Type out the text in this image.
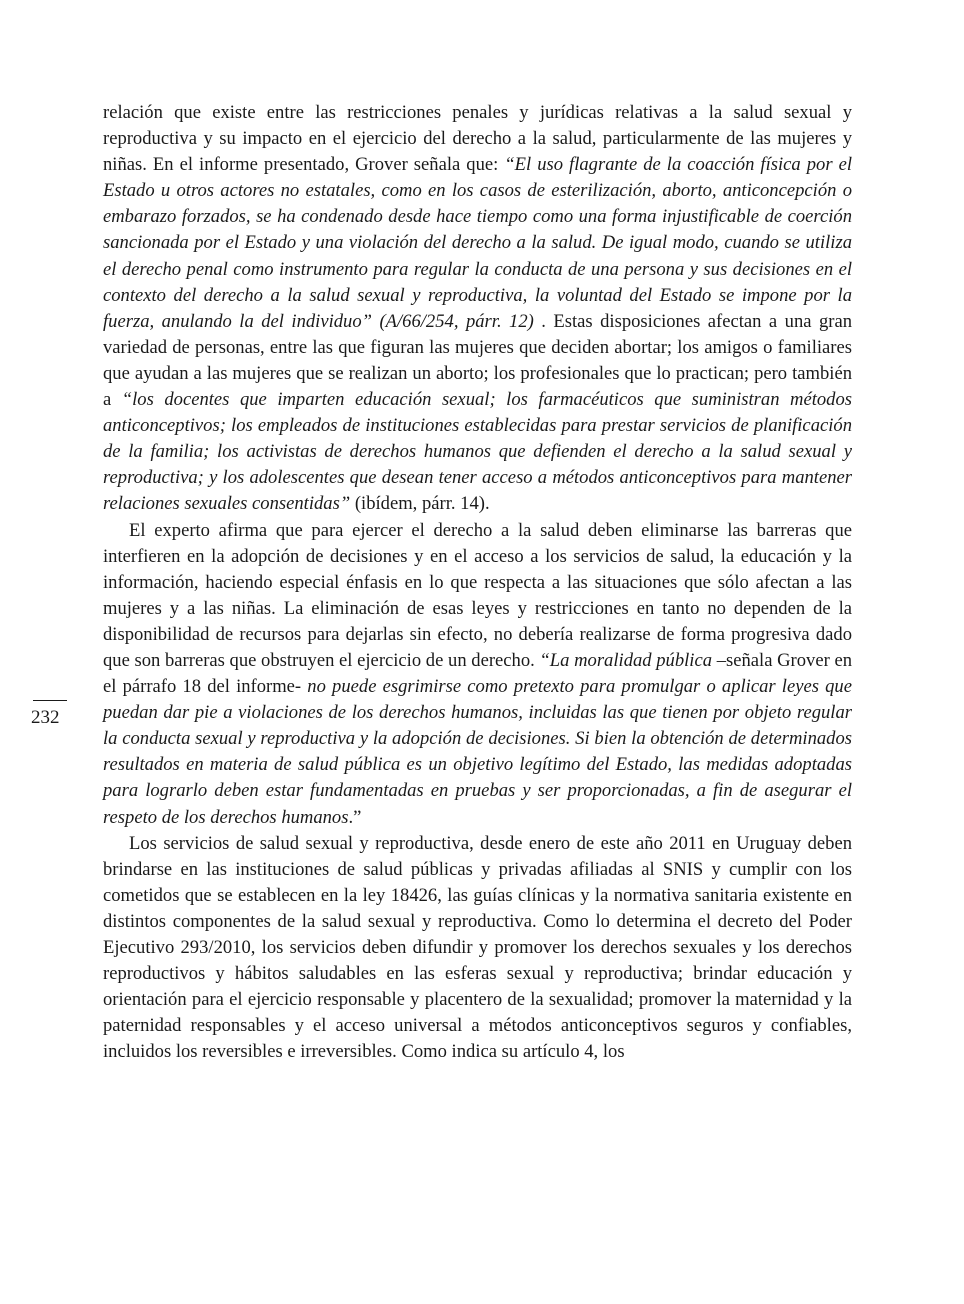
relación que existe entre las restricciones penales y jurídicas relativas a la salud sexual y reproductiva y su impacto en el ejercicio del derecho a la salud, particularmente de las mujeres y niñas. En el informe presentado, Grover señala que: “El uso flagrante de la coacción física por el Estado u otros actores no estatales, como en los casos de esterilización, aborto, anticoncepción o embarazo forzados, se ha condenado desde hace tiempo como una forma injustificable de coerción sancionada por el Estado y una violación del derecho a la salud. De igual modo, cuando se utiliza el derecho penal como instrumento para regular la conducta de una persona y sus decisiones en el contexto del derecho a la salud sexual y reproductiva, la voluntad del Estado se impone por la fuerza, anulando la del individuo” (A/66/254, párr. 12) . Estas disposiciones afectan a una gran variedad de personas, entre las que figuran las mujeres que deciden abortar; los amigos o familiares que ayudan a las mujeres que se realizan un aborto; los profesionales que lo practican; pero también a “los docentes que imparten educación sexual; los farmacéuticos que suministran métodos anticonceptivos; los empleados de instituciones establecidas para prestar servicios de planificación de la familia; los activistas de derechos humanos que defienden el derecho a la salud sexual y reproductiva; y los adolescentes que desean tener acceso a métodos anticonceptivos para mantener relaciones sexuales consentidas” (ibídem, párr. 14).

El experto afirma que para ejercer el derecho a la salud deben eliminarse las barreras que interfieren en la adopción de decisiones y en el acceso a los servicios de salud, la educación y la información, haciendo especial énfasis en lo que respecta a las situaciones que sólo afectan a las mujeres y a las niñas. La eliminación de esas leyes y restricciones en tanto no dependen de la disponibilidad de recursos para dejarlas sin efecto, no debería realizarse de forma progresiva dado que son barreras que obstruyen el ejercicio de un derecho. “La moralidad pública –señala Grover en el párrafo 18 del informe- no puede esgrimirse como pretexto para promulgar o aplicar leyes que puedan dar pie a violaciones de los derechos humanos, incluidas las que tienen por objeto regular la conducta sexual y reproductiva y la adopción de decisiones. Si bien la obtención de determinados resultados en materia de salud pública es un objetivo legítimo del Estado, las medidas adoptadas para lograrlo deben estar fundamentadas en pruebas y ser proporcionadas, a fin de asegurar el respeto de los derechos humanos.”

Los servicios de salud sexual y reproductiva, desde enero de este año 2011 en Uruguay deben brindarse en las instituciones de salud públicas y privadas afiliadas al SNIS y cumplir con los cometidos que se establecen en la ley 18426, las guías clínicas y la normativa sanitaria existente en distintos componentes de la salud sexual y reproductiva. Como lo determina el decreto del Poder Ejecutivo 293/2010, los servicios deben difundir y promover los derechos sexuales y los derechos reproductivos y hábitos saludables en las esferas sexual y reproductiva; brindar educación y orientación para el ejercicio responsable y placentero de la sexualidad; promover la maternidad y la paternidad responsables y el acceso universal a métodos anticonceptivos seguros y confiables, incluidos los reversibles e irreversibles. Como indica su artículo 4, los

232
